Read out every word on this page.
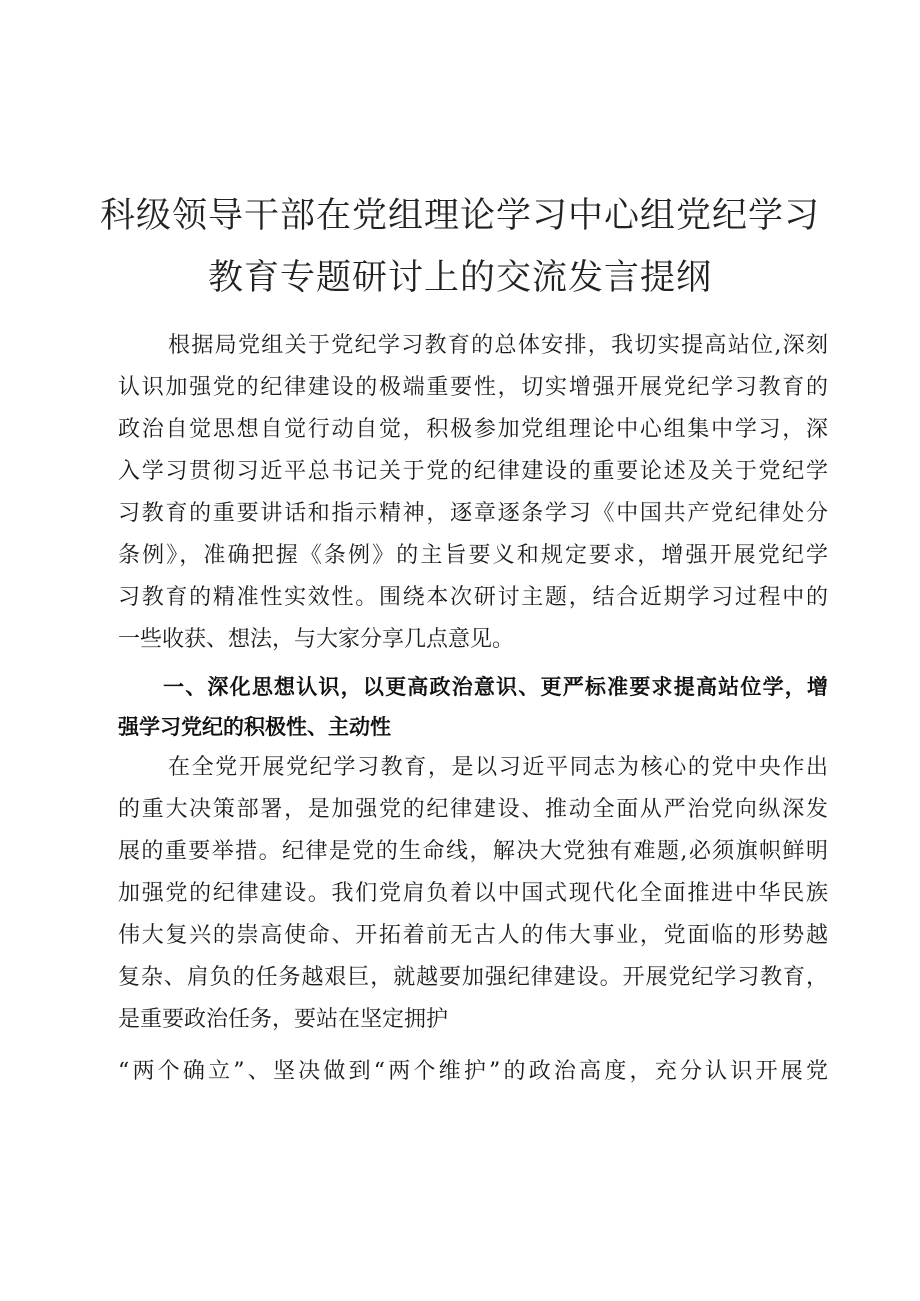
科级领导干部在党组理论学习中心组党纪学习
教育专题研讨上的交流发言提纲
根据局党组关于党纪学习教育的总体安排，我切实提高站位,深刻
认识加强党的纪律建设的极端重要性，切实增强开展党纪学习教育的
政治自觉思想自觉行动自觉，积极参加党组理论中心组集中学习，深
入学习贯彻习近平总书记关于党的纪律建设的重要论述及关于党纪学
习教育的重要讲话和指示精神，逐章逐条学习《中国共产党纪律处分
条例》，准确把握《条例》的主旨要义和规定要求，增强开展党纪学
习教育的精准性实效性。围绕本次研讨主题，结合近期学习过程中的
一些收获、想法，与大家分享几点意见。
一、深化思想认识，以更高政治意识、更严标准要求提高站位学，增
强学习党纪的积极性、主动性
在全党开展党纪学习教育，是以习近平同志为核心的党中央作出
的重大决策部署，是加强党的纪律建设、推动全面从严治党向纵深发
展的重要举措。纪律是党的生命线，解决大党独有难题,必须旗帜鲜明
加强党的纪律建设。我们党肩负着以中国式现代化全面推进中华民族
伟大复兴的崇高使命、开拓着前无古人的伟大事业，党面临的形势越
复杂、肩负的任务越艰巨，就越要加强纪律建设。开展党纪学习教育，
是重要政治任务，要站在坚定拥护
“两个确立”、坚决做到“两个维护”的政治高度，充分认识开展党
